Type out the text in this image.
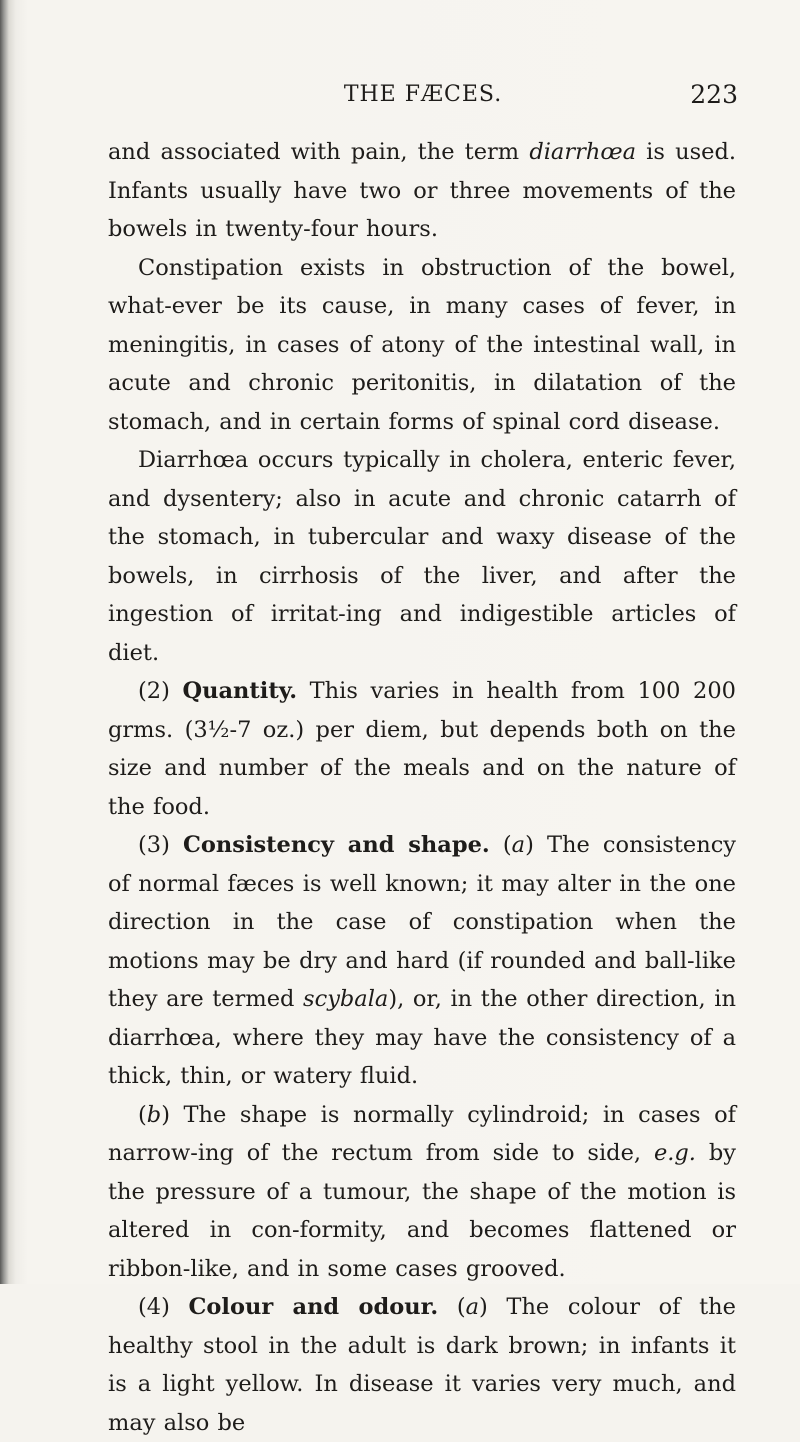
THE FÆCES.	223

and associated with pain, the term diarrhœa is used. Infants usually have two or three movements of the bowels in twenty-four hours.

Constipation exists in obstruction of the bowel, what-ever be its cause, in many cases of fever, in meningitis, in cases of atony of the intestinal wall, in acute and chronic peritonitis, in dilatation of the stomach, and in certain forms of spinal cord disease.

Diarrhœa occurs typically in cholera, enteric fever, and dysentery; also in acute and chronic catarrh of the stomach, in tubercular and waxy disease of the bowels, in cirrhosis of the liver, and after the ingestion of irritat-ing and indigestible articles of diet.

(2) Quantity. This varies in health from 100 200 grms. (3½-7 oz.) per diem, but depends both on the size and number of the meals and on the nature of the food.

(3) Consistency and shape. (a) The consistency of normal fæces is well known; it may alter in the one direction in the case of constipation when the motions may be dry and hard (if rounded and ball-like they are termed scybala), or, in the other direction, in diarrhœa, where they may have the consistency of a thick, thin, or watery fluid.

(b) The shape is normally cylindroid; in cases of narrow-ing of the rectum from side to side, e.g. by the pressure of a tumour, the shape of the motion is altered in con-formity, and becomes flattened or ribbon-like, and in some cases grooved.

(4) Colour and odour. (a) The colour of the healthy stool in the adult is dark brown; in infants it is a light yellow. In disease it varies very much, and may also be
